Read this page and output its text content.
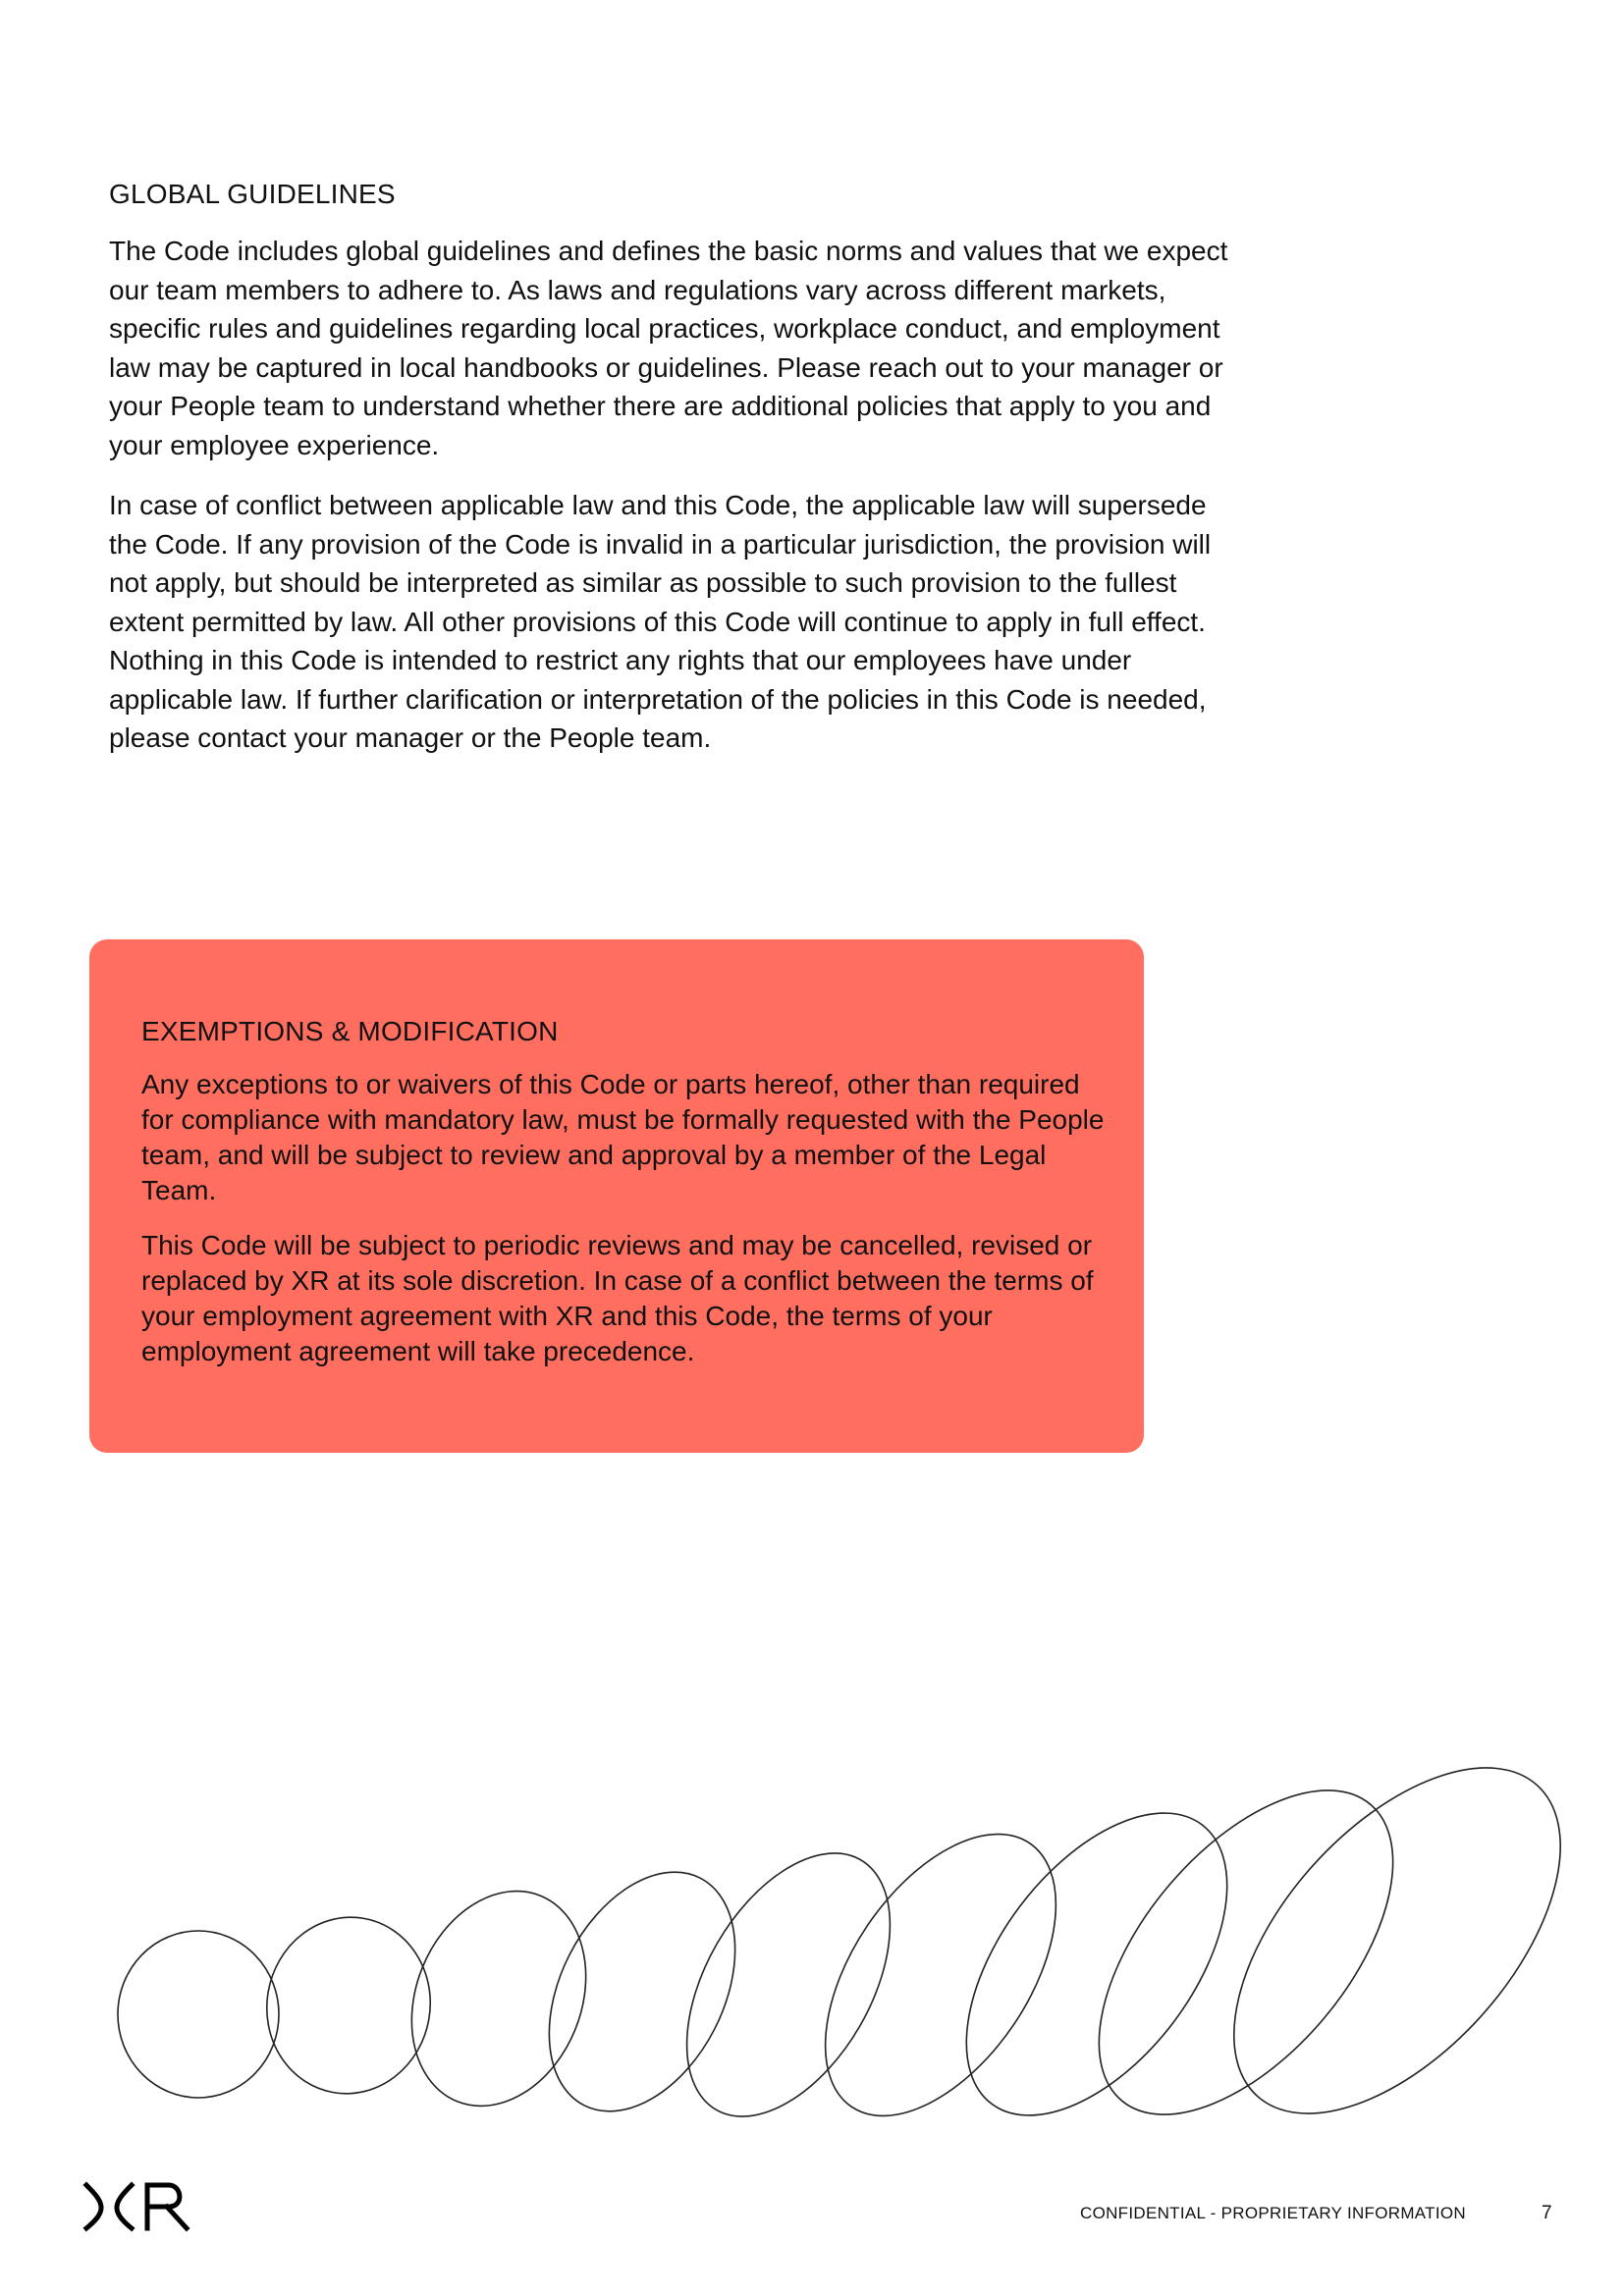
GLOBAL GUIDELINES

The Code includes global guidelines and defines the basic norms and values that we expect our team members to adhere to. As laws and regulations vary across different markets, specific rules and guidelines regarding local practices, workplace conduct, and employment law may be captured in local handbooks or guidelines. Please reach out to your manager or your People team to understand whether there are additional policies that apply to you and your employee experience.

In case of conflict between applicable law and this Code, the applicable law will supersede the Code. If any provision of the Code is invalid in a particular jurisdiction, the provision will not apply, but should be interpreted as similar as possible to such provision to the fullest extent permitted by law. All other provisions of this Code will continue to apply in full effect. Nothing in this Code is intended to restrict any rights that our employees have under applicable law. If further clarification or interpretation of the policies in this Code is needed, please contact your manager or the People team.

EXEMPTIONS & MODIFICATION

Any exceptions to or waivers of this Code or parts hereof, other than required for compliance with mandatory law, must be formally requested with the People team, and will be subject to review and approval by a member of the Legal Team.

This Code will be subject to periodic reviews and may be cancelled, revised or replaced by XR at its sole discretion. In case of a conflict between the terms of your employment agreement with XR and this Code, the terms of your employment agreement will take precedence.

CONFIDENTIAL - PROPRIETARY INFORMATION	7
